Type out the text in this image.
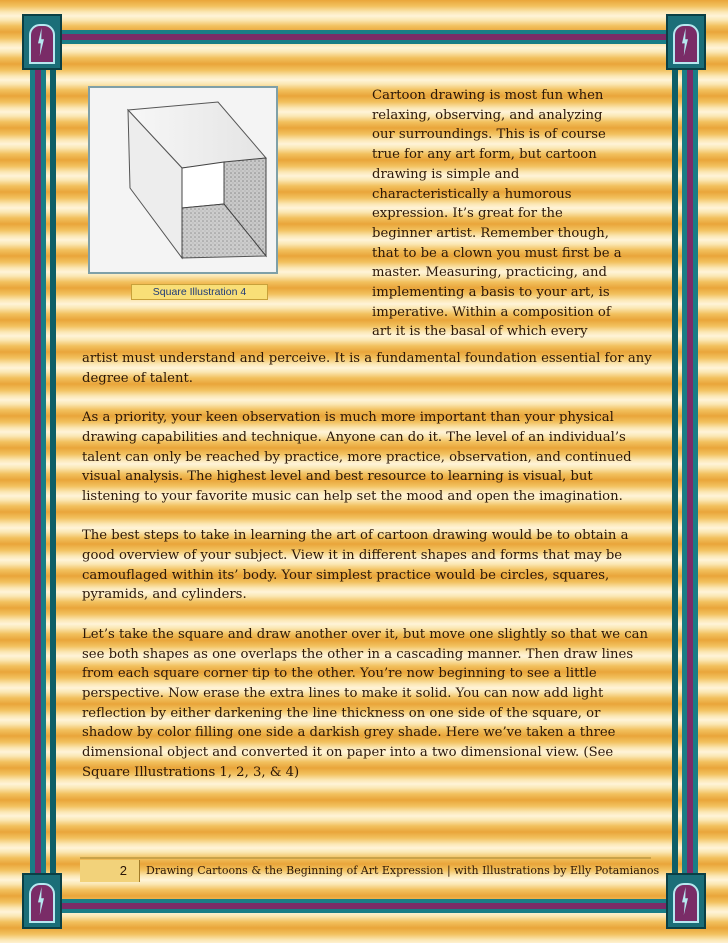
Square Illustration 4

Cartoon drawing is most fun when

relaxing, observing, and analyzing

our surroundings. This is of course

true for any art form, but cartoon

drawing is simple and

characteristically a humorous

expression. It’s great for the

beginner artist. Remember though,

that to be a clown you must first be a

master. Measuring, practicing, and

implementing a basis to your art, is

imperative. Within a composition of

art it is the basal of which every

artist must understand and perceive. It is a fundamental foundation essential for any degree of talent.

As a priority, your keen observation is much more important than your physical drawing capabilities and technique. Anyone can do it. The level of an individual’s talent can only be reached by practice, more practice, observation, and continued visual analysis. The highest level and best resource to learning is visual, but listening to your favorite music can help set the mood and open the imagination.

The best steps to take in learning the art of cartoon drawing would be to obtain a good overview of your subject. View it in different shapes and forms that may be camouflaged within its’ body. Your simplest practice would be circles, squares, pyramids, and cylinders.

Let’s take the square and draw another over it, but move one slightly so that we can see both shapes as one overlaps the other in a cascading manner. Then draw lines from each square corner tip to the other. You’re now beginning to see a little perspective. Now erase the extra lines to make it solid. You can now add light reflection by either darkening the line thickness on one side of the square, or shadow by color filling one side a darkish grey shade. Here we’ve taken a three dimensional object and converted it on paper into a two dimensional view. (See Square Illustrations 1, 2, 3, & 4)

2	Drawing Cartoons & the Beginning of Art Expression | with Illustrations by Elly Potamianos
